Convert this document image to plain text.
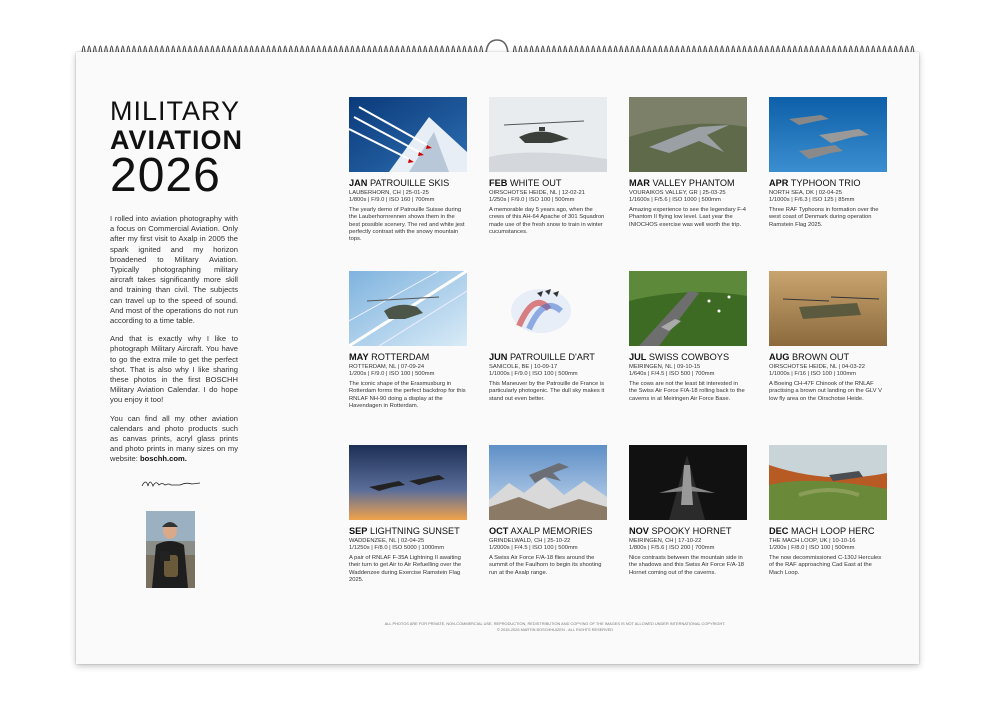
MILITARY
AVIATION
2026

I rolled into aviation photography with a focus on Commercial Aviation. Only after my first visit to Axalp in 2005 the spark ignited and my horizon broadened to Military Aviation. Typically photographing military aircraft takes significantly more skill and training than civil. The subjects can travel up to the speed of sound. And most of the operations do not run according to a time table.

And that is exactly why I like to photograph Military Aircraft. You have to go the extra mile to get the perfect shot. That is also why I like sharing these photos in the first BOSCHH Military Aviation Calendar. I do hope you enjoy it too!

You can find all my other aviation calendars and photo products such as canvas prints, acryl glass prints and photo prints in many sizes on my website: boschh.com.

JAN PATROUILLE SKIS
LAUBERHORN, CH | 25-01-25
1/800s | F/9.0 | ISO 160 | 700mm
The yearly demo of Patrouille Suisse during the Lauberhornrennen shows them in the best possible scenery. The red and white jest perfectly contrast with the snowy mountain tops.
FEB WHITE OUT
OIRSCHOTSE HEIDE, NL | 12-02-21
1/250s | F/9.0 | ISO 100 | 500mm
A memorable day 5 years ago, when the crews of this AH-64 Apache of 301 Squadron made use of the fresh snow to train in winter cucumstances.
MAR VALLEY PHANTOM
VOURAIKOS VALLEY, GR | 25-03-25
1/1600s | F/5.6 | ISO 1000 | 500mm
Amazing experience to see the legendary F-4 Phantom II flying low level. Last year the INIOCHOS exercise was well worth the trip.
APR TYPHOON TRIO
NORTH SEA, DK | 02-04-25
1/1000s | F/6.3 | ISO 125 | 85mm
Three RAF Typhoons in formation over the west coast of Denmark during operation Ramstein Flag 2025.
MAY ROTTERDAM
ROTTERDAM, NL | 07-09-24
1/200s | F/9.0 | ISO 100 | 500mm
The iconic shape of the Erasmusburg in Rotterdam forms the perfect backdrop for this RNLAF NH-90 doing a display at the Havendagen in Rotterdam.
JUN PATROUILLE D'ART
SANICOLE, BE | 10-09-17
1/1000s | F/9.0 | ISO 100 | 500mm
This Maneuver by the Patrouille de France is particularly photogenic. The dull sky makes it stand out even better.
JUL SWISS COWBOYS
MEIRINGEN, NL | 09-10-15
1/640s | F/4.5 | ISO 500 | 700mm
The cows are not the least bit interested in the Swiss Air Force F/A-18 rolling back to the caverns in at Meiringen Air Force Base.
AUG BROWN OUT
OIRSCHOTSE HEIDE, NL | 04-03-22
1/1000s | F/16 | ISO 100 | 100mm
A Boeing CH-47F Chinook of the RNLAF practising a brown out landing on the GLV V low fly area on the Oirschotse Heide.
SEP LIGHTNING SUNSET
WADDENZEE, NL | 02-04-25
1/1250s | F/8.0 | ISO 5000 | 1000mm
A pair of RNLAF F-35A Lightning II awaiting their turn to get Air to Air Refuelling over the Waddenzee during Exercise Ramstein Flag 2025.
OCT AXALP MEMORIES
GRINDELWALD, CH | 25-10-22
1/2000s | F/4.5 | ISO 100 | 500mm
A Swiss Air Force F/A-18 flies around the summit of the Faulhorn to begin its shooting run at the Axalp range.
NOV SPOOKY HORNET
MEIRINGEN, CH | 17-10-22
1/800s | F/5.6 | ISO 200 | 700mm
Nice contrasts between the mountain side in the shadows and this Swiss Air Force F/A-18 Hornet coming out of the caverns.
DEC MACH LOOP HERC
THE MACH LOOP, UK | 10-10-16
1/200s | F/8.0 | ISO 100 | 500mm
The now decommissioned C-130J Hercules of the RAF approaching Cad East at the Mach Loop.
ALL PHOTOS ARE FOR PRIVATE, NON-COMMERCIAL USE. REPRODUCTION, REDISTRIBUTION AND COPYING OF THE IMAGES IS NOT ALLOWED UNDER INTERNATIONAL COPYRIGHT.
© 2015-2026 MARTIN BOSCHHUIZEN - ALL RIGHTS RESERVED
